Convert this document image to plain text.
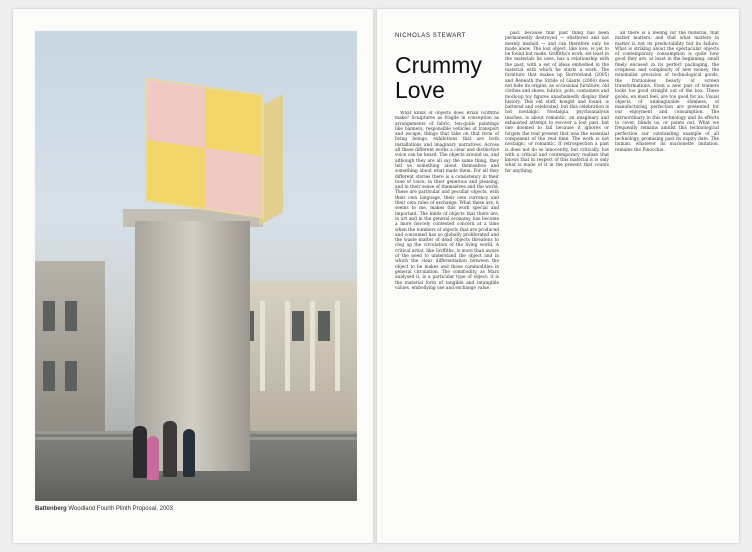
Battenberg Woodland Fourth Plinth Proposal, 2003
NICHOLAS STEWART
Crummy
Love

What kinds of objects does Brian Griffiths make? Sculptures as fragile in conception as arrangements of fabric, ten-quids paintings like banners, responsible vehicles of transport and escape; things that take on that form of living beings, exhibitions that are both installations and imaginary narratives. Across all these different works a clear and distinctive voice can be heard. The objects around us, and although they are all say the same thing, they tell us something about themselves and something about what made them. For all they different stories there is a consistency in their tone of voice, in their generous and pleasing, and in their sense of themselves and the world. These are particular and peculiar objects, with their own language, their own currency and their own rules of exchange. What these are, it seems to me, makes this work special and important. The kinds of objects that there are, in art and in the general economy, has become a more fiercely contested concern at a time when the numbers of objects that are produced and consumed has so globally proliferated and the waste matter of dead objects threatens to clog up the circulation of the living world. A critical artist, like Griffiths, is more than aware of the need to understand the object and in which the clear differentiation between the object to be makes and those commodities in general circulation. The commodity, as Marx analysed it, is a particular type of object: it is the material form of tangible and intangible values, embodying use and exchange value.

past, because that past thing has been permanently destroyed — shattered and not merely mislaid — and can therefore only be made anew. The lost object, like love, is yet to be found but made. Griffiths's work, set least in the materials he uses, has a relationship with the past, with a set of ideas embodied in the material with which he starts a work. The furniture that makes up Borrowland (2005) and Beneath the Stride of Giants (2004) does not hide its origins, as occasional furniture, old clothes and shoes, fabrics, pots, containers and mock-up toy figures unashamedly display their history. This old stuff, bought and found, is battered and celebrated, but this celebration is not nostalgic. Nostalgia, psychoanalysis teaches, is about romantic, an imaginary and exhausted attempt to recover a lost past, but one doomed to fail because it ignores or forgets the real present that was the essential component of the real time. The work is not nostalgic, or romantic. If retrospection a past is does not do so innocently, but critically, but with a critical and contemporary realism that knows that in respect of this material it is only what is made of it in the present that counts for anything.

all there is a feeling for the material, that matter matters, and that what matters in matter is not its predictability but its failure. What is striking about the spectacular objects of contemporary consumption is quite how good they are, at least in the beginning: small finely encased in its perfect packaging, the crispness and complexity of new money, the minimalist precision of technological goods, the frictionless beauty of screen transformations. Even a new pair of trainers looks too good straight out of the box. These goods, en most feel, are too good for us. Visual objects of unimaginable slimness, of manufacturing perfection are presented for our enjoyment and consumption. The extraordinary in this technology and its effects to cover, blinds us, or points out. What we frequently remains amidst this technological perfection our outstanding example of all technology, promising past its expiry date. The human, whatever its marionette imitation, remains the Pinocchio.
